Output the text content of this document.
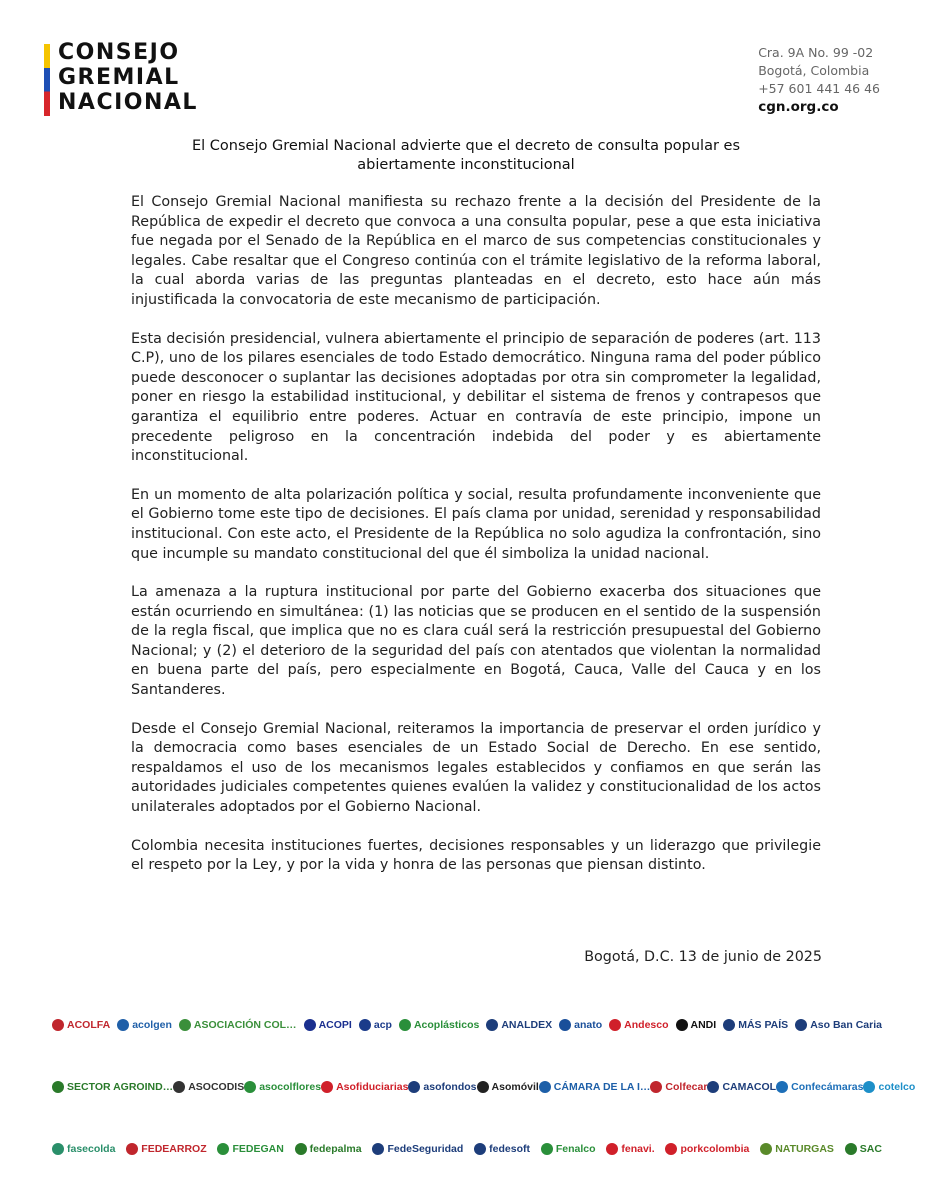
CONSEJO
GREMIAL
NACIONAL
Cra. 9A No. 99 -02
Bogotá, Colombia
+57 601 441 46 46
cgn.org.co
El Consejo Gremial Nacional advierte que el decreto de consulta popular es
abiertamente inconstitucional

El Consejo Gremial Nacional manifiesta su rechazo frente a la decisión del Presidente de la República de expedir el decreto que convoca a una consulta popular, pese a que esta iniciativa fue negada por el Senado de la República en el marco de sus competencias constitucionales y legales. Cabe resaltar que el Congreso continúa con el trámite legislativo de la reforma laboral, la cual aborda varias de las preguntas planteadas en el decreto, esto hace aún más injustificada la convocatoria de este mecanismo de participación.

Esta decisión presidencial, vulnera abiertamente el principio de separación de poderes (art. 113 C.P), uno de los pilares esenciales de todo Estado democrático. Ninguna rama del poder público puede desconocer o suplantar las decisiones adoptadas por otra sin comprometer la legalidad, poner en riesgo la estabilidad institucional, y debilitar el sistema de frenos y contrapesos que garantiza el equilibrio entre poderes. Actuar en contravía de este principio, impone un precedente peligroso en la concentración indebida del poder y es abiertamente inconstitucional.

En un momento de alta polarización política y social, resulta profundamente inconveniente que el Gobierno tome este tipo de decisiones. El país clama por unidad, serenidad y responsabilidad institucional. Con este acto, el Presidente de la República no solo agudiza la confrontación, sino que incumple su mandato constitucional del que él simboliza la unidad nacional.

La amenaza a la ruptura institucional por parte del Gobierno exacerba dos situaciones que están ocurriendo en simultánea: (1) las noticias que se producen en el sentido de la suspensión de la regla fiscal, que implica que no es clara cuál será la restricción presupuestal del Gobierno Nacional; y (2) el deterioro de la seguridad del país con atentados que violentan la normalidad en buena parte del país, pero especialmente en Bogotá, Cauca, Valle del Cauca y en los Santanderes.

Desde el Consejo Gremial Nacional, reiteramos la importancia de preservar el orden jurídico y la democracia como bases esenciales de un Estado Social de Derecho. En ese sentido, respaldamos el uso de los mecanismos legales establecidos y confiamos en que serán las autoridades judiciales competentes quienes evalúen la validez y constitucionalidad de los actos unilaterales adoptados por el Gobierno Nacional.

Colombia necesita instituciones fuertes, decisiones responsables y un liderazgo que privilegie el respeto por la Ley, y por la vida y honra de las personas que piensan distinto.

Bogotá, D.C. 13 de junio de 2025
ACOLFA acolgen ASOCIACIÓN COL… ACOPI acp Acoplásticos ANALDEX anato Andesco ANDI MÁS PAÍS Aso Ban Caria
SECTOR AGROIND… ASOCODIS asocolflores Asofiduciarias asofondos Asomóvil CÁMARA DE LA I… Colfecar CAMACOL Confecámaras cotelco
fasecolda FEDEARROZ FEDEGAN fedepalma FedeSeguridad fedesoft Fenalco fenavi. porkcolombia NATURGAS SAC
